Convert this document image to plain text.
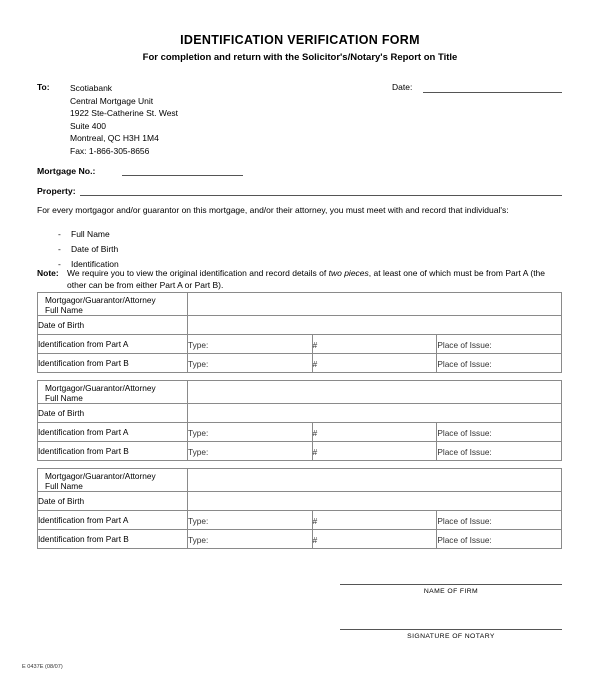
IDENTIFICATION VERIFICATION FORM
For completion and return with the Solicitor's/Notary's Report on Title
To: Scotiabank
Central Mortgage Unit
1922 Ste-Catherine St. West
Suite 400
Montreal, QC H3H 1M4
Fax: 1-866-305-8656
Date:
Mortgage No.:
Property:
For every mortgagor and/or guarantor on this mortgage, and/or their attorney, you must meet with and record that individual's:
- Full Name
- Date of Birth
- Identification
Note: We require you to view the original identification and record details of two pieces, at least one of which must be from Part A (the other can be from either Part A or Part B).
Mortgagor/Guarantor/Attorney
Full Name			

Date of Birth			
Identification from Part A	Type:	#	Place of Issue:

Identification from Part B	Type:	#	Place of Issue:
Mortgagor/Guarantor/Attorney
Full Name			

Date of Birth			
Identification from Part A	Type:	#	Place of Issue:

Identification from Part B	Type:	#	Place of Issue:
Mortgagor/Guarantor/Attorney
Full Name			

Date of Birth			
Identification from Part A	Type:	#	Place of Issue:

Identification from Part B	Type:	#	Place of Issue:
NAME OF FIRM
SIGNATURE OF NOTARY
E 0437E (08/07)
